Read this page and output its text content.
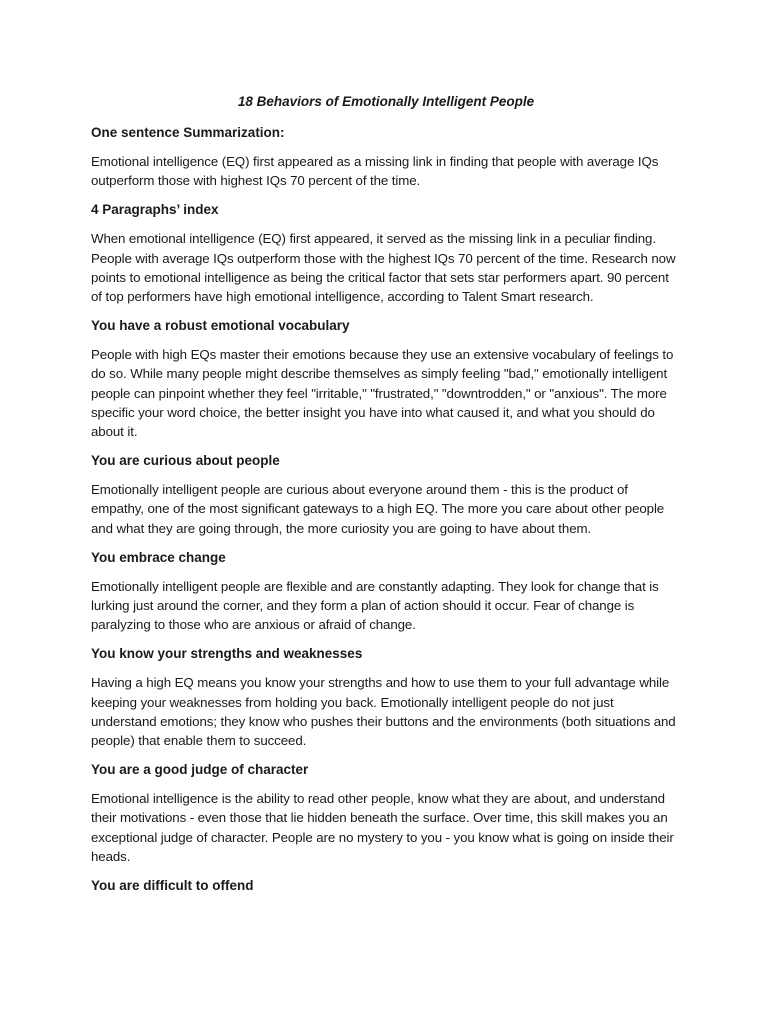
18 Behaviors of Emotionally Intelligent People
One sentence Summarization:
Emotional intelligence (EQ) first appeared as a missing link in finding that people with average IQs outperform those with highest IQs 70 percent of the time.
4 Paragraphs’ index
When emotional intelligence (EQ) first appeared, it served as the missing link in a peculiar finding. People with average IQs outperform those with the highest IQs 70 percent of the time. Research now points to emotional intelligence as being the critical factor that sets star performers apart. 90 percent of top performers have high emotional intelligence, according to Talent Smart research.
You have a robust emotional vocabulary
People with high EQs master their emotions because they use an extensive vocabulary of feelings to do so. While many people might describe themselves as simply feeling "bad," emotionally intelligent people can pinpoint whether they feel "irritable," "frustrated," "downtrodden," or "anxious". The more specific your word choice, the better insight you have into what caused it, and what you should do about it.
You are curious about people
Emotionally intelligent people are curious about everyone around them - this is the product of empathy, one of the most significant gateways to a high EQ. The more you care about other people and what they are going through, the more curiosity you are going to have about them.
You embrace change
Emotionally intelligent people are flexible and are constantly adapting. They look for change that is lurking just around the corner, and they form a plan of action should it occur. Fear of change is paralyzing to those who are anxious or afraid of change.
You know your strengths and weaknesses
Having a high EQ means you know your strengths and how to use them to your full advantage while keeping your weaknesses from holding you back. Emotionally intelligent people do not just understand emotions; they know who pushes their buttons and the environments (both situations and people) that enable them to succeed.
You are a good judge of character
Emotional intelligence is the ability to read other people, know what they are about, and understand their motivations - even those that lie hidden beneath the surface. Over time, this skill makes you an exceptional judge of character. People are no mystery to you - you know what is going on inside their heads.
You are difficult to offend
